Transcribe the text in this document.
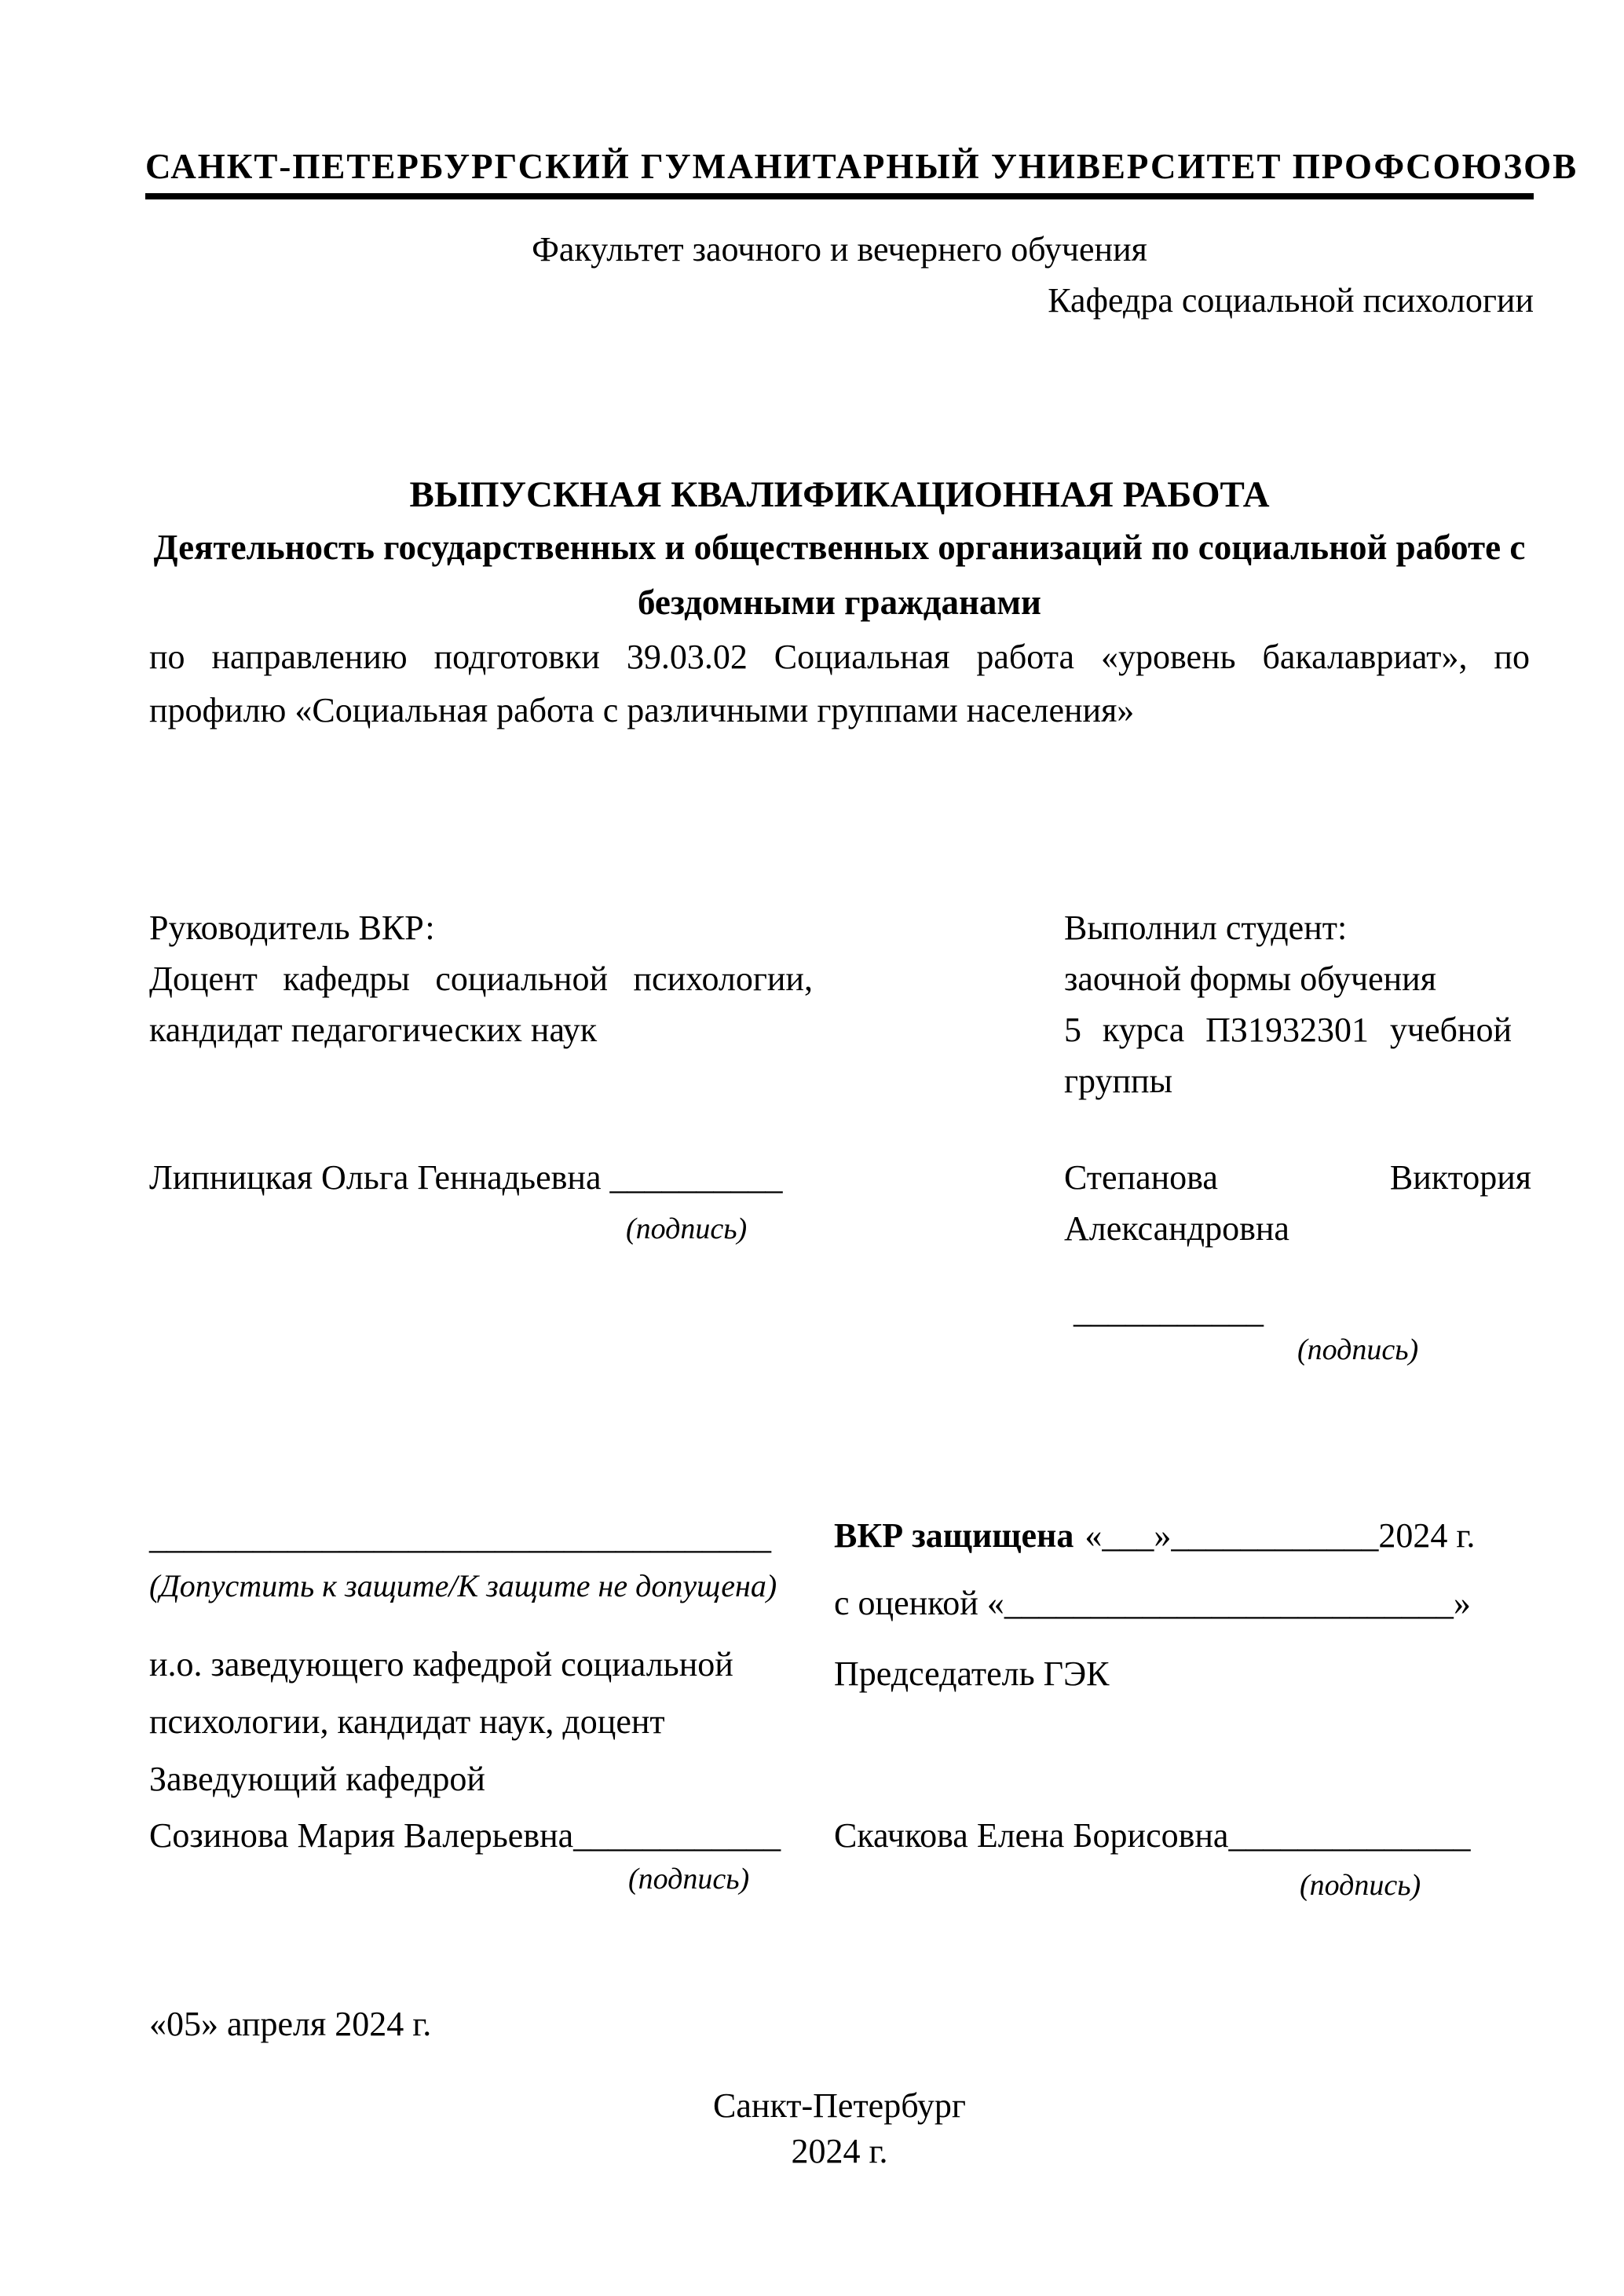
САНКТ-ПЕТЕРБУРГСКИЙ ГУМАНИТАРНЫЙ УНИВЕРСИТЕТ ПРОФСОЮЗОВ
Факультет заочного и вечернего обучения
Кафедра социальной психологии
ВЫПУСКНАЯ КВАЛИФИКАЦИОННАЯ РАБОТА
Деятельность государственных и общественных организаций по социальной работе с
бездомными гражданами
по направлению подготовки 39.03.02 Социальная работа «уровень бакалавриат», по
профилю «Социальная работа с различными группами населения»
Руководитель ВКР:	Выполнил студент:
Доцент кафедры социальной психологии,	заочной формы обучения
кандидат педагогических наук	5 курса ПЗ1932301 учебной
группы
Липницкая Ольга Геннадьевна __________
(подпись)
Степанова	Виктория
Александровна
___________
(подпись)
____________________________________
(Допустить к защите/К защите не допущена)
и.о. заведующего кафедрой социальной
психологии, кандидат наук, доцент
Заведующий кафедрой
Созинова Мария Валерьевна____________
(подпись)
ВКР защищена «___»____________2024 г.
с оценкой «__________________________»
Председатель ГЭК
Скачкова Елена Борисовна______________
(подпись)
«05» апреля 2024 г.
Санкт-Петербург
2024 г.
